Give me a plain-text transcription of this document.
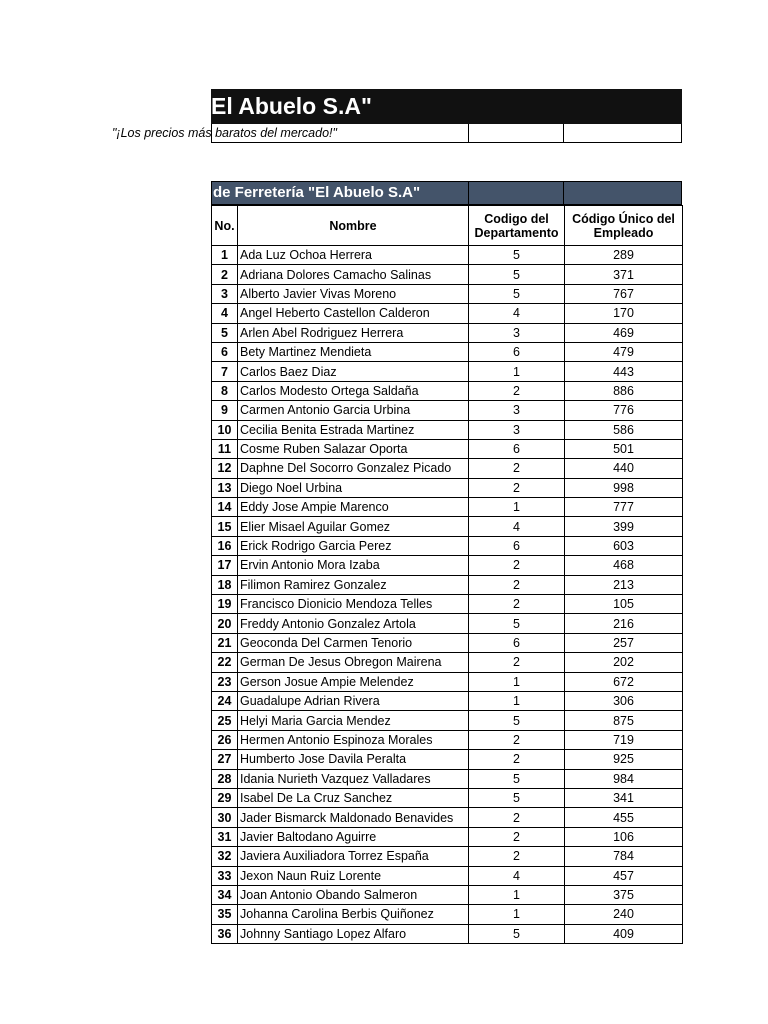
El Abuelo S.A"
"¡Los precios más baratos del mercado!"
de Ferretería "El Abuelo S.A"
No.	Nombre	Codigo del Departamento	Código Único del Empleado
1	Ada Luz Ochoa Herrera	5	289
2	Adriana Dolores Camacho Salinas	5	371
3	Alberto Javier Vivas Moreno	5	767
4	Angel Heberto Castellon Calderon	4	170
5	Arlen Abel Rodriguez Herrera	3	469
6	Bety Martinez Mendieta	6	479
7	Carlos Baez Diaz	1	443
8	Carlos Modesto Ortega Saldaña	2	886
9	Carmen Antonio Garcia Urbina	3	776
10	Cecilia Benita Estrada Martinez	3	586
11	Cosme Ruben Salazar Oporta	6	501
12	Daphne Del Socorro Gonzalez Picado	2	440
13	Diego Noel Urbina	2	998
14	Eddy Jose Ampie Marenco	1	777
15	Elier Misael Aguilar Gomez	4	399
16	Erick Rodrigo Garcia Perez	6	603
17	Ervin Antonio Mora Izaba	2	468
18	Filimon Ramirez Gonzalez	2	213
19	Francisco Dionicio Mendoza Telles	2	105
20	Freddy Antonio Gonzalez Artola	5	216
21	Geoconda Del Carmen Tenorio	6	257
22	German De Jesus Obregon Mairena	2	202
23	Gerson Josue Ampie Melendez	1	672
24	Guadalupe Adrian Rivera	1	306
25	Helyi Maria Garcia Mendez	5	875
26	Hermen Antonio Espinoza Morales	2	719
27	Humberto Jose Davila Peralta	2	925
28	Idania Nurieth Vazquez Valladares	5	984
29	Isabel De La Cruz Sanchez	5	341
30	Jader Bismarck Maldonado Benavides	2	455
31	Javier Baltodano Aguirre	2	106
32	Javiera Auxiliadora Torrez España	2	784
33	Jexon Naun Ruiz Lorente	4	457
34	Joan Antonio Obando Salmeron	1	375
35	Johanna Carolina Berbis Quiñonez	1	240
36	Johnny Santiago Lopez Alfaro	5	409
